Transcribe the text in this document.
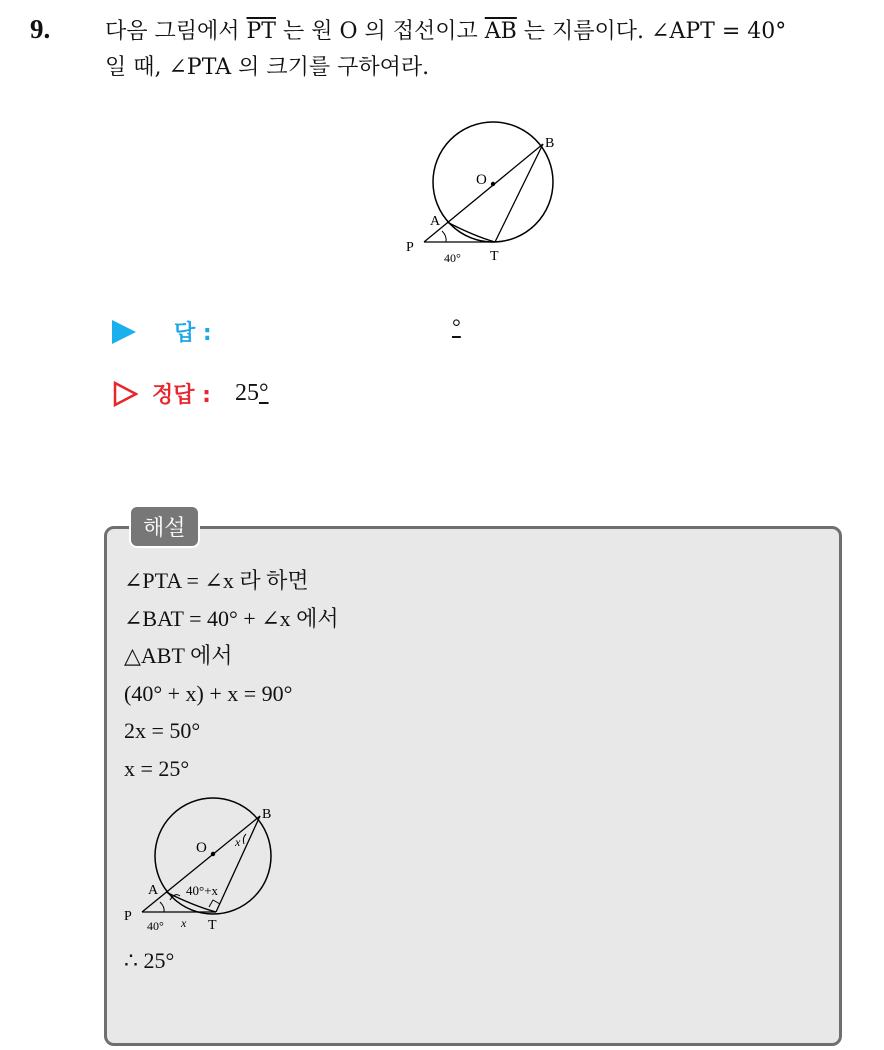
9. 다음 그림에서 $\overline{PT}$ 는 원 O 의 접선이고 $\overline{AB}$ 는 지름이다. ∠APT = 40°
일 때, ∠PTA 의 크기를 구하여라.
B
O
A
P
T
40°
답 :	°
정답 : 25°
해설
∠PTA = ∠x 라 하면
∠BAT = 40° + ∠x 에서
△ABT 에서
(40° + x) + x = 90°
2x = 50°
x = 25°
B
O
A
P
T
40°
40°+x
x
x
∴ 25°
